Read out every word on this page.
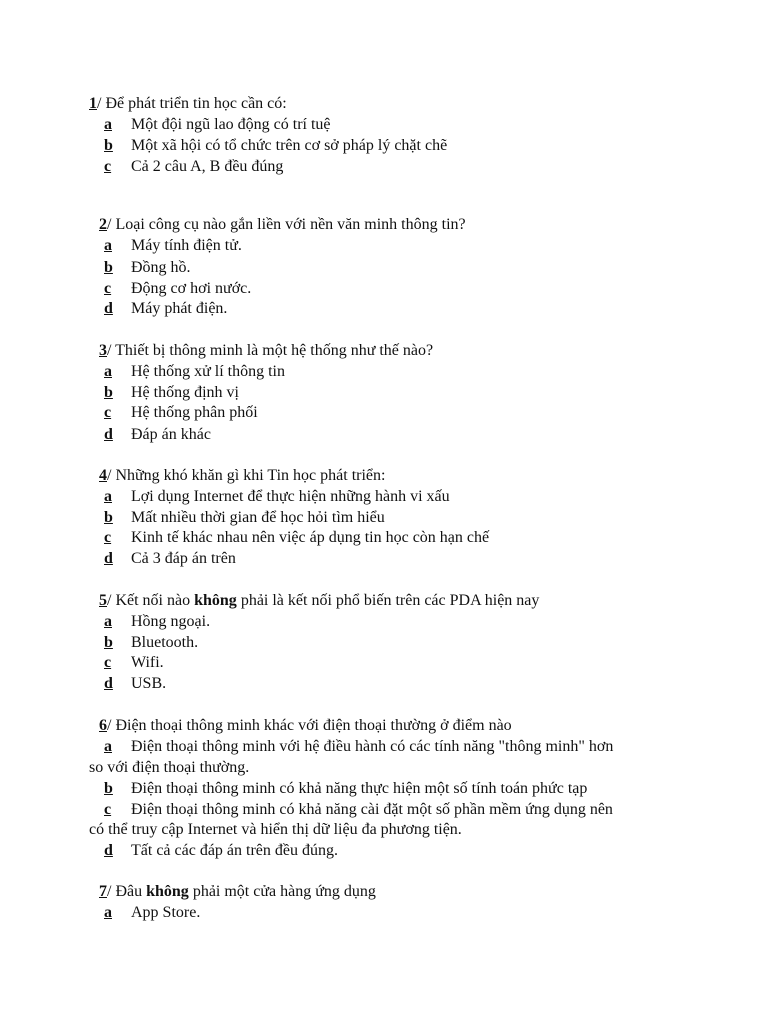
1/ Để phát triển tin học cần có:
a	Một đội ngũ lao động có trí tuệ
b	Một xã hội có tổ chức trên cơ sở pháp lý chặt chẽ
c	Cả 2 câu A, B đều đúng
2/ Loại công cụ nào gắn liền với nền văn minh thông tin?
a	Máy tính điện tử.
b	Đồng hồ.
c	Động cơ hơi nước.
d	Máy phát điện.
3/ Thiết bị thông minh là một hệ thống như thế nào?
a	Hệ thống xử lí thông tin
b	Hệ thống định vị
c	Hệ thống phân phối
d	Đáp án khác
4/ Những khó khăn gì khi Tin học phát triển:
a	Lợi dụng Internet để thực hiện những hành vi xấu
b	Mất nhiều thời gian để học hỏi tìm hiểu
c	Kinh tế khác nhau nên việc áp dụng tin học còn hạn chế
d	Cả 3 đáp án trên
5/ Kết nối nào không phải là kết nối phổ biến trên các PDA hiện nay
a	Hồng ngoại.
b	Bluetooth.
c	Wifi.
d	USB.
6/ Điện thoại thông minh khác với điện thoại thường ở điểm nào
a	Điện thoại thông minh với hệ điều hành có các tính năng "thông minh" hơn
so với điện thoại thường.
b	Điện thoại thông minh có khả năng thực hiện một số tính toán phức tạp
c	Điện thoại thông minh có khả năng cài đặt một số phần mềm ứng dụng nên
có thể truy cập Internet và hiển thị dữ liệu đa phương tiện.
d	Tất cả các đáp án trên đều đúng.
7/ Đâu không phải một cửa hàng ứng dụng
a	App Store.
